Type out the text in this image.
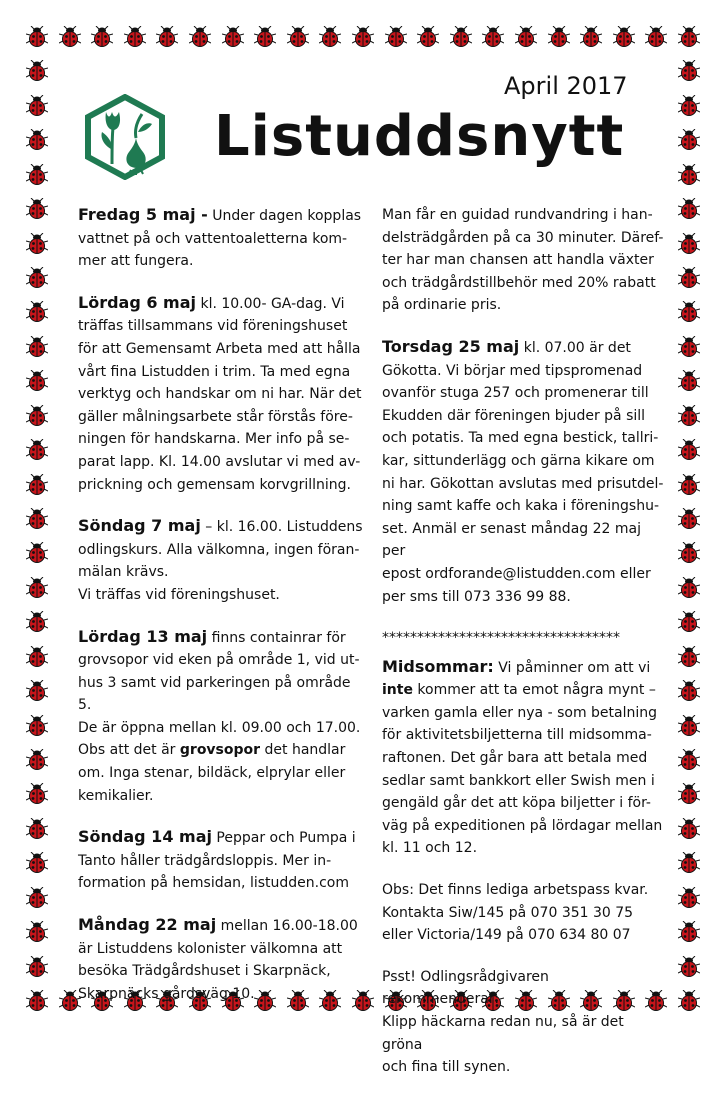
April 2017
Listuddsnytt

Fredag 5 maj - Under dagen kopplas

vattnet på och vattentoaletterna kom-

mer att fungera.

Lördag 6 maj kl. 10.00- GA-dag. Vi

träffas tillsammans vid föreningshuset

för att Gemensamt Arbeta med att hålla

vårt fina Listudden i trim. Ta med egna

verktyg och handskar om ni har. När det

gäller målningsarbete står förstås före-

ningen för handskarna. Mer info på se-

parat lapp. Kl. 14.00 avslutar vi med av-

prickning och gemensam korvgrillning.

Söndag 7 maj – kl. 16.00. Listuddens

odlingskurs. Alla välkomna, ingen föran-

mälan krävs.

Vi träffas vid föreningshuset.

Lördag 13 maj finns containrar för

grovsopor vid eken på område 1, vid ut-

hus 3 samt vid parkeringen på område 5.

De är öppna mellan kl. 09.00 och 17.00.

Obs att det är grovsopor det handlar

om. Inga stenar, bildäck, elprylar eller

kemikalier.

Söndag 14 maj Peppar och Pumpa i

Tanto håller trädgårdsloppis. Mer in-

formation på hemsidan, listudden.com

Måndag 22 maj mellan 16.00-18.00

är Listuddens kolonister välkomna att

besöka Trädgårdshuset i Skarpnäck,

Skarpnäcks gårdsväg 10.

Man får en guidad rundvandring i han-

delsträdgården på ca 30 minuter. Däref-

ter har man chansen att handla växter

och trädgårdstillbehör med 20% rabatt

på ordinarie pris.

Torsdag 25 maj kl. 07.00 är det

Gökotta. Vi börjar med tipspromenad

ovanför stuga 257 och promenerar till

Ekudden där föreningen bjuder på sill

och potatis. Ta med egna bestick, tallri-

kar, sittunderlägg och gärna kikare om

ni har. Gökottan avslutas med prisutdel-

ning samt kaffe och kaka i föreningshu-

set. Anmäl er senast måndag 22 maj per

epost ordforande@listudden.com eller

per sms till 073 336 99 88.

**********************************

Midsommar: Vi påminner om att vi

inte kommer att ta emot några mynt –

varken gamla eller nya - som betalning

för aktivitetsbiljetterna till midsomma-

raftonen. Det går bara att betala med

sedlar samt bankkort eller Swish men i

gengäld går det att köpa biljetter i för-

väg på expeditionen på lördagar mellan

kl. 11 och 12.

Obs: Det finns lediga arbetspass kvar.

Kontakta Siw/145 på 070 351 30 75

eller Victoria/149 på 070 634 80 07

Psst! Odlingsrådgivaren rekommenderar:

Klipp häckarna redan nu, så är det gröna

och fina till synen.
